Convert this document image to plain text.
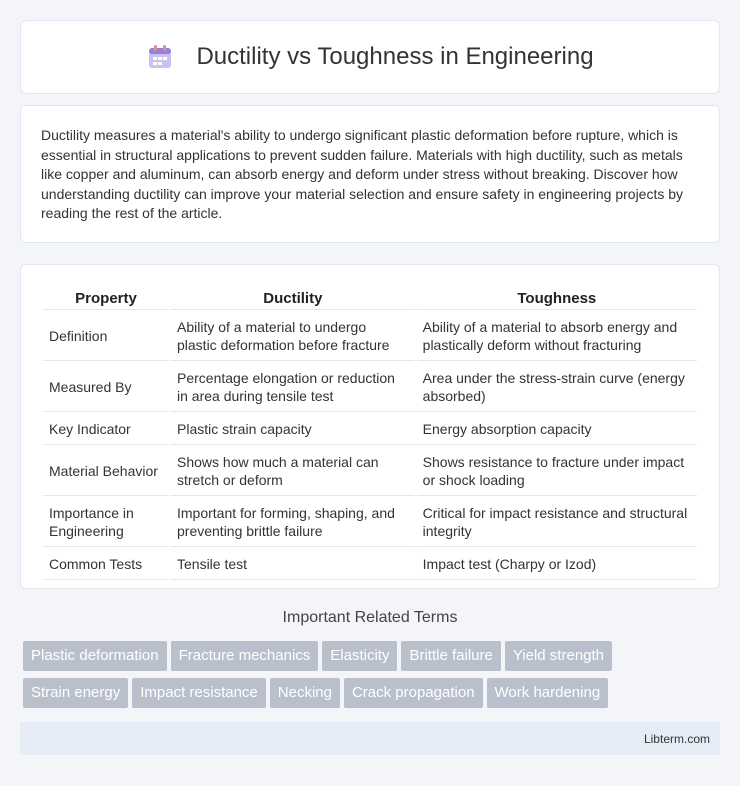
Ductility vs Toughness in Engineering

Ductility measures a material's ability to undergo significant plastic deformation before rupture, which is essential in structural applications to prevent sudden failure. Materials with high ductility, such as metals like copper and aluminum, can absorb energy and deform under stress without breaking. Discover how understanding ductility can improve your material selection and ensure safety in engineering projects by reading the rest of the article.

Property	Ductility	Toughness
Definition	Ability of a material to undergo plastic deformation before fracture	Ability of a material to absorb energy and plastically deform without fracturing
Measured By	Percentage elongation or reduction in area during tensile test	Area under the stress-strain curve (energy absorbed)
Key Indicator	Plastic strain capacity	Energy absorption capacity
Material Behavior	Shows how much a material can stretch or deform	Shows resistance to fracture under impact or shock loading
Importance in Engineering	Important for forming, shaping, and preventing brittle failure	Critical for impact resistance and structural integrity
Common Tests	Tensile test	Impact test (Charpy or Izod)
Important Related Terms
Plastic deformation Fracture mechanics Elasticity Brittle failure Yield strengthStrain energy Impact resistance Necking Crack propagation Work hardening
Libterm.com
